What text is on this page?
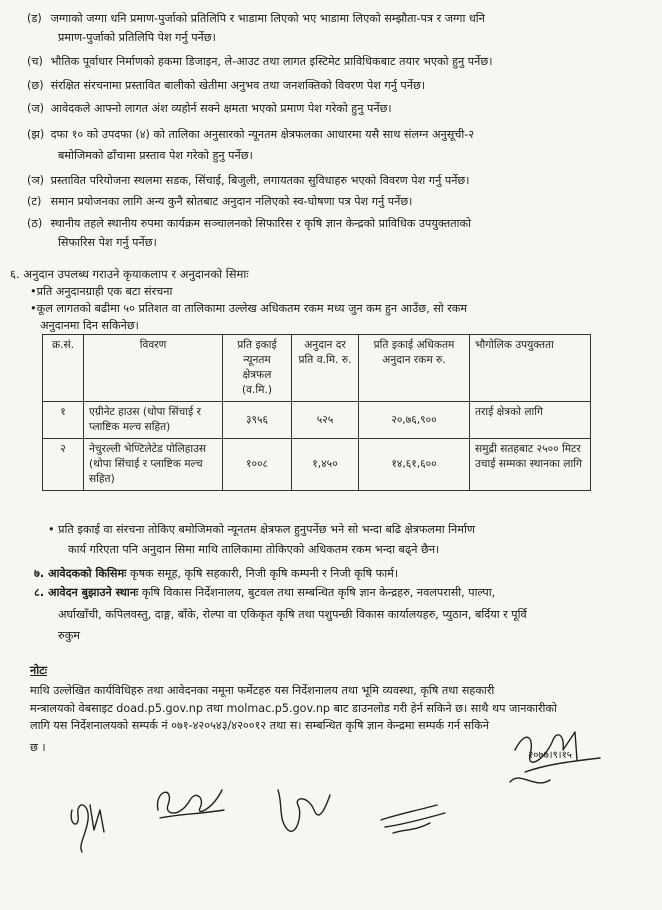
(ड) जग्गाको जग्गा धनि प्रमाण-पुर्जाको प्रतिलिपि र भाडामा लिएको भए भाडामा लिएको सम्झौता-पत्र र जग्गा धनि
प्रमाण-पुर्जाको प्रतिलिपि पेश गर्नु पर्नेछ।
(च) भौतिक पूर्वाधार निर्माणको हकमा डिजाइन, ले-आउट तथा लागत इस्टिमेट प्राविधिकबाट तयार भएको हुनु पर्नेछ।
(छ) संरक्षित संरचनामा प्रस्तावित बालीको खेतीमा अनुभव तथा जनशक्तिको विवरण पेश गर्नु पर्नेछ।
(ज) आवेदकले आफ्नो लागत अंश व्यहोर्न सक्ने क्षमता भएको प्रमाण पेश गरेको हुनु पर्नेछ।
(झ) दफा १० को उपदफा (४) को तालिका अनुसारको न्यूनतम क्षेत्रफलका आधारमा यसै साथ संलग्न अनुसूची-२
बमोजिमको ढाँचामा प्रस्ताव पेश गरेको हुनु पर्नेछ।
(ञ) प्रस्तावित परियोजना स्थलमा सडक, सिंचाई, बिजुली, लगायतका सुविधाहरु भएको विवरण पेश गर्नु पर्नेछ।
(ट) समान प्रयोजनका लागि अन्य कुनै स्रोतबाट अनुदान नलिएको स्व-घोषणा पत्र पेश गर्नु पर्नेछ।
(ठ) स्थानीय तहले स्थानीय रुपमा कार्यक्रम सञ्चालनको सिफारिस र कृषि ज्ञान केन्द्रको प्राविधिक उपयुक्तताको
सिफारिस पेश गर्नु पर्नेछ।
६. अनुदान उपलब्ध गराउने कृयाकलाप र अनुदानको सिमाः
•प्रति अनुदानग्राही एक बटा संरचना
•कूल लागतको बढीमा ५० प्रतिशत वा तालिकामा उल्लेख अधिकतम रकम मध्य जुन कम हुन आउँछ, सो रकम
अनुदानमा दिन सकिनेछ।
क्र.सं.	विवरण	प्रति इकाई न्यूनतम क्षेत्रफल (व.मि.)	अनुदान दर प्रति व.मि. रु.	प्रति इकाई अधिकतम अनुदान रकम रु.	भौगोलिक उपयुक्तता
१	एग्रीनेट हाउस (थोपा सिंचाई र प्लाष्टिक मल्च सहित)	३९५६	५२५	२०,७६,९००	तराई क्षेत्रको लागि
२	नेचुरल्ली भेण्टिलेटेड पोलिहाउस (थोपा सिंचाई र प्लाष्टिक मल्च सहित)	१००८	१,४५०	१४,६१,६००	समुद्री सतहबाट २५०० मिटर उचाई सम्मका स्थानका लागि
• प्रति इकाई वा संरचना तोकिए बमोजिमको न्यूनतम क्षेत्रफल हुनुपर्नेछ भने सो भन्दा बढि क्षेत्रफलमा निर्माण
कार्य गरिएता पनि अनुदान सिमा माथि तालिकामा तोकिएको अधिकतम रकम भन्दा बढ्ने छैन।
७. आवेदकको किसिमः कृषक समूह, कृषि सहकारी, निजी कृषि कम्पनी र निजी कृषि फार्म।
८. आवेदन बुझाउने स्थानः कृषि विकास निर्देशनालय, बुटवल तथा सम्बन्धित कृषि ज्ञान केन्द्रहरु, नवलपरासी, पाल्पा,
अर्घाखाँची, कपिलवस्तु, दाङ्ग, बाँके, रोल्पा वा एकिकृत कृषि तथा पशुपन्छी विकास कार्यालयहरु, प्युठान, बर्दिया र पूर्वि
रुकुम
नोटः
माथि उल्लेखित कार्यविधिहरु तथा आवेदनका नमूना फर्मेटहरु यस निर्देशनालय तथा भूमि व्यवस्था, कृषि तथा सहकारी
मन्त्रालयको वेबसाइट doad.p5.gov.np तथा molmac.p5.gov.np बाट डाउनलोड गरी हेर्न सकिने छ। साथै थप जानकारीको
लागि यस निर्देशनालयको सम्पर्क नं ०७१-४२०५४३/४२००१२ तथा स। सम्बन्धित कृषि ज्ञान केन्द्रमा सम्पर्क गर्न सकिने
छ ।
२०७७।९।१५
